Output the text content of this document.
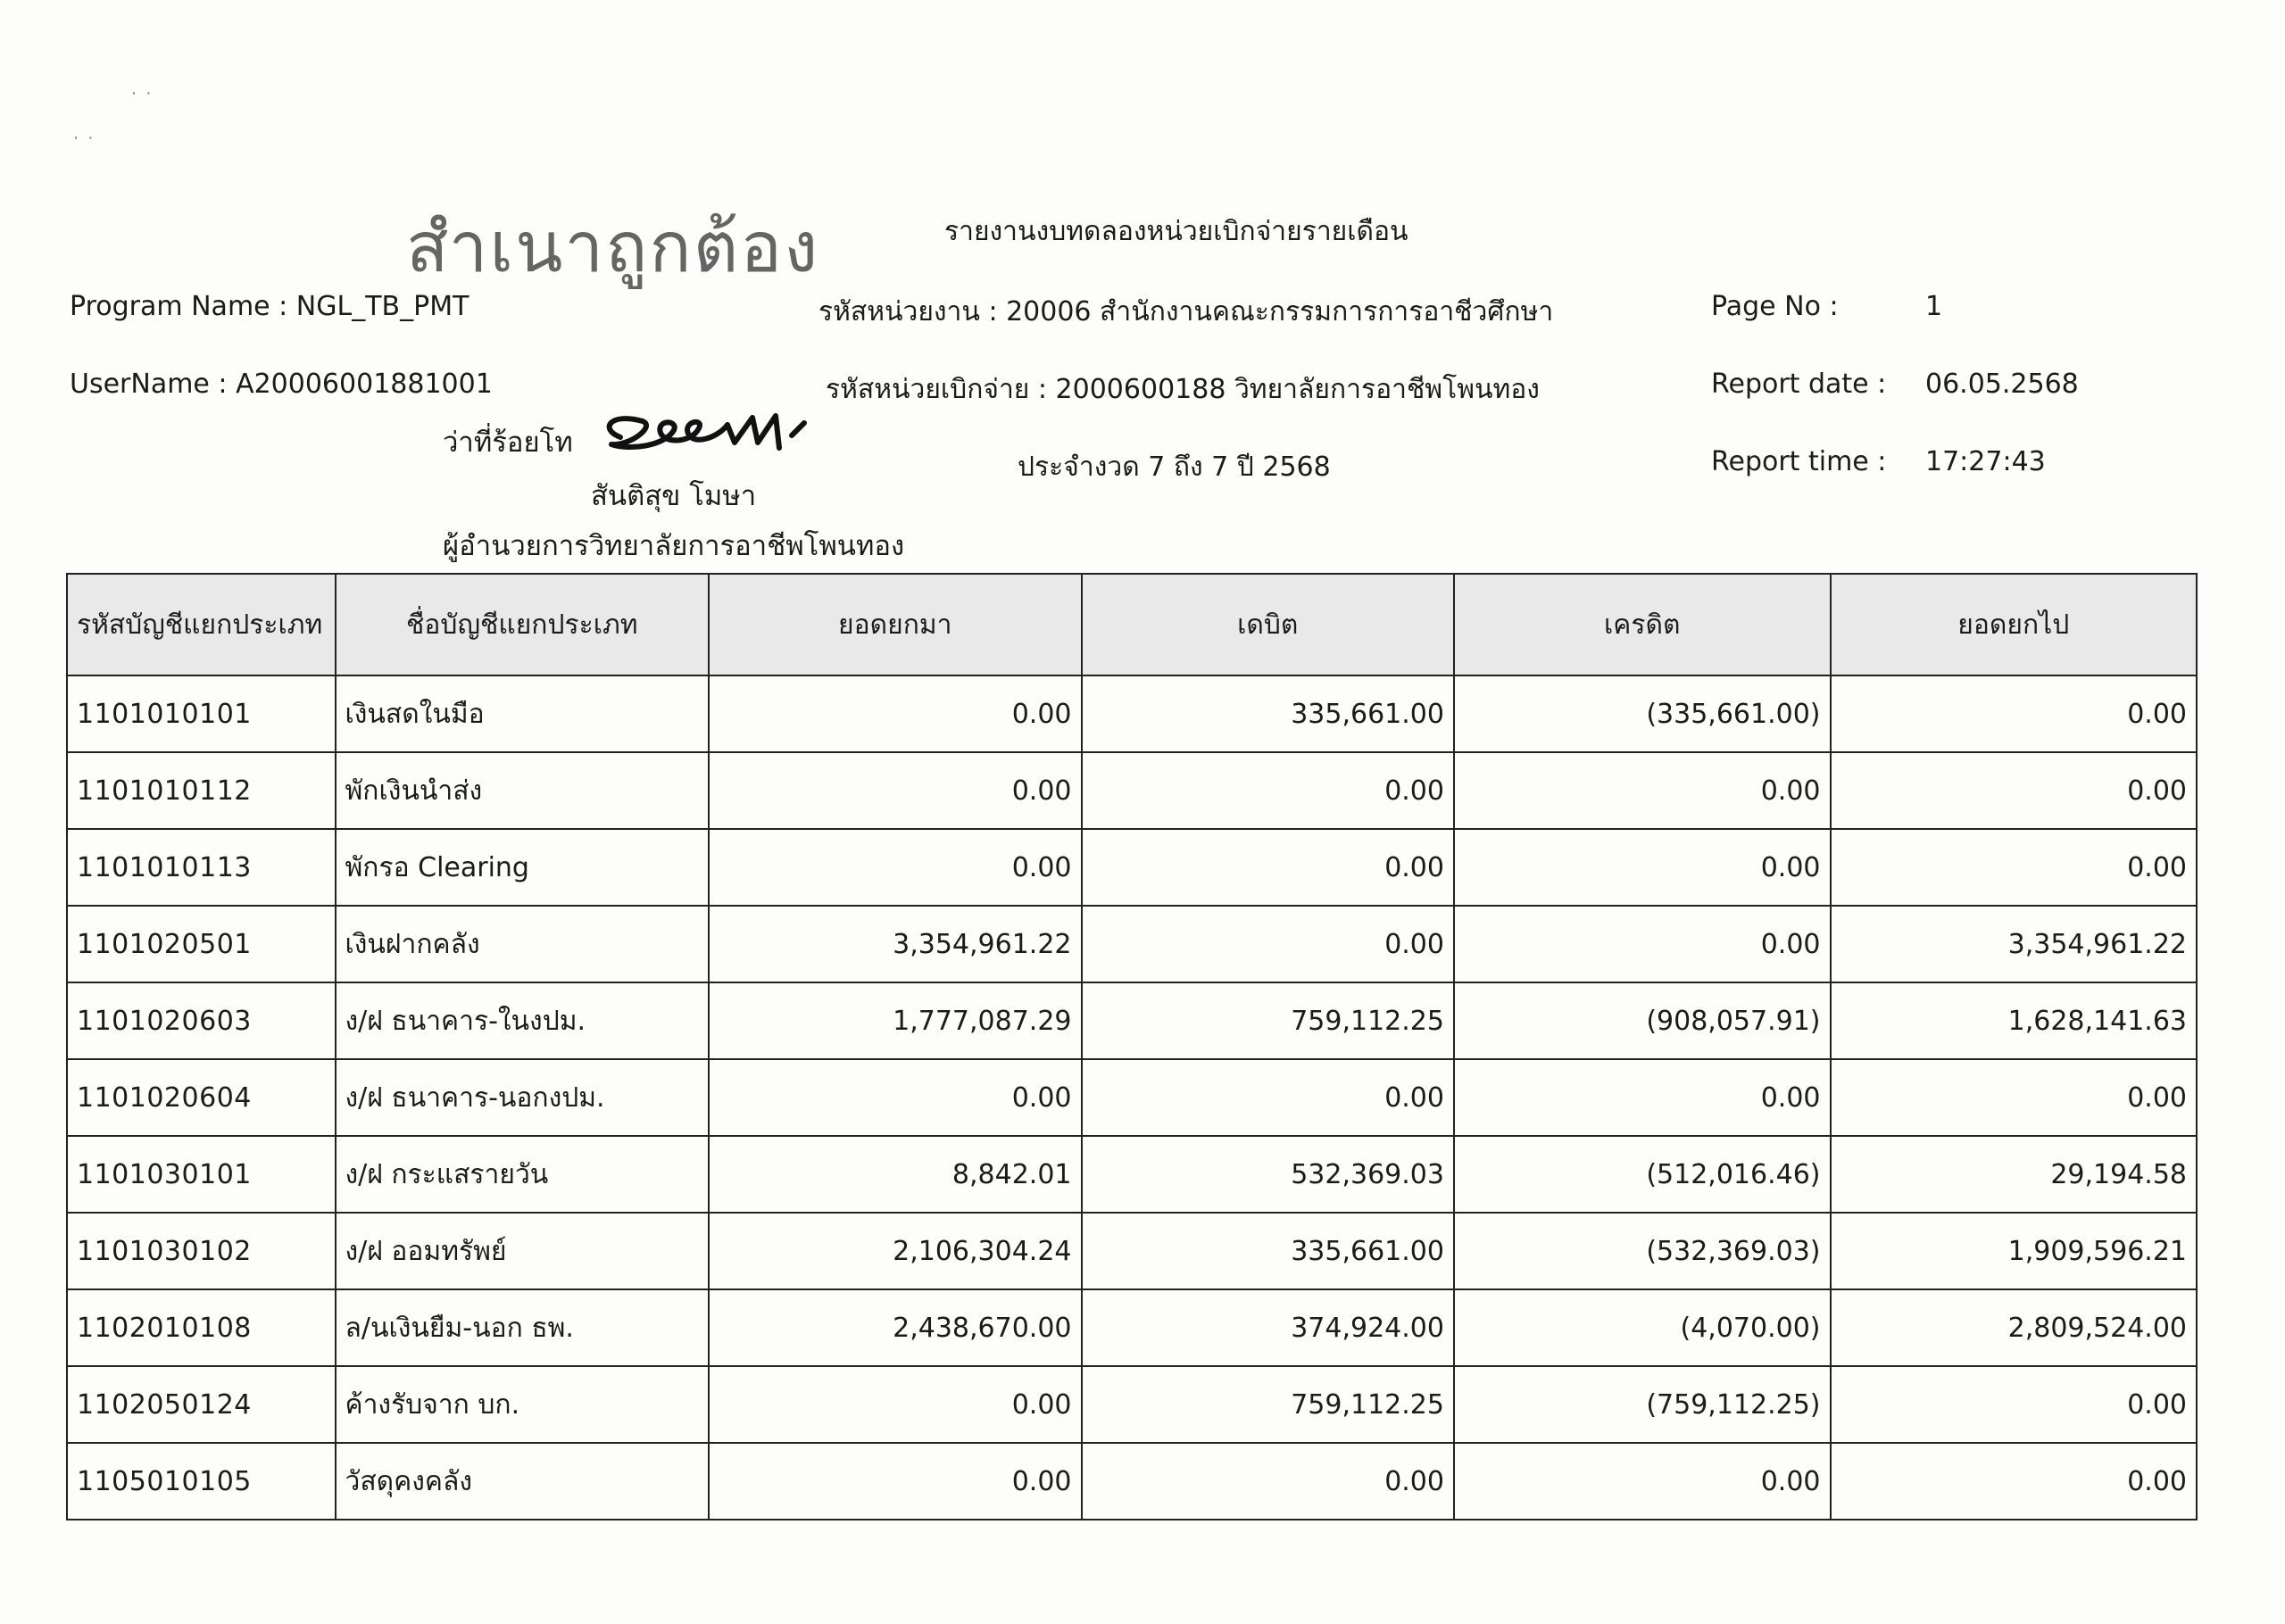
˙ ˙
˙ ˙
สำเนาถูกต้อง	รายงานงบทดลองหน่วยเบิกจ่ายรายเดือน
Program Name : NGL_TB_PMT
UserName : A20006001881001
รหัสหน่วยงาน : 20006 สำนักงานคณะกรรมการการอาชีวศึกษา
รหัสหน่วยเบิกจ่าย : 2000600188 วิทยาลัยการอาชีพโพนทอง
ประจำงวด 7 ถึง 7 ปี 2568
Page No :	1
Report date : 06.05.2568
Report time : 17:27:43
ว่าที่ร้อยโท
สันติสุข โมษา
ผู้อำนวยการวิทยาลัยการอาชีพโพนทอง
รหัสบัญชีแยกประเภท	ชื่อบัญชีแยกประเภท	ยอดยกมา	เดบิต	เครดิต	ยอดยกไป
1101010101	เงินสดในมือ	0.00	335,661.00	(335,661.00)	0.00
1101010112	พักเงินนำส่ง	0.00	0.00	0.00	0.00
1101010113	พักรอ Clearing	0.00	0.00	0.00	0.00
1101020501	เงินฝากคลัง	3,354,961.22	0.00	0.00	3,354,961.22
1101020603	ง/ฝ ธนาคาร-ในงปม.	1,777,087.29	759,112.25	(908,057.91)	1,628,141.63
1101020604	ง/ฝ ธนาคาร-นอกงปม.	0.00	0.00	0.00	0.00
1101030101	ง/ฝ กระแสรายวัน	8,842.01	532,369.03	(512,016.46)	29,194.58
1101030102	ง/ฝ ออมทรัพย์	2,106,304.24	335,661.00	(532,369.03)	1,909,596.21
1102010108	ล/นเงินยืม-นอก ธพ.	2,438,670.00	374,924.00	(4,070.00)	2,809,524.00
1102050124	ค้างรับจาก บก.	0.00	759,112.25	(759,112.25)	0.00
1105010105	วัสดุคงคลัง	0.00	0.00	0.00	0.00
